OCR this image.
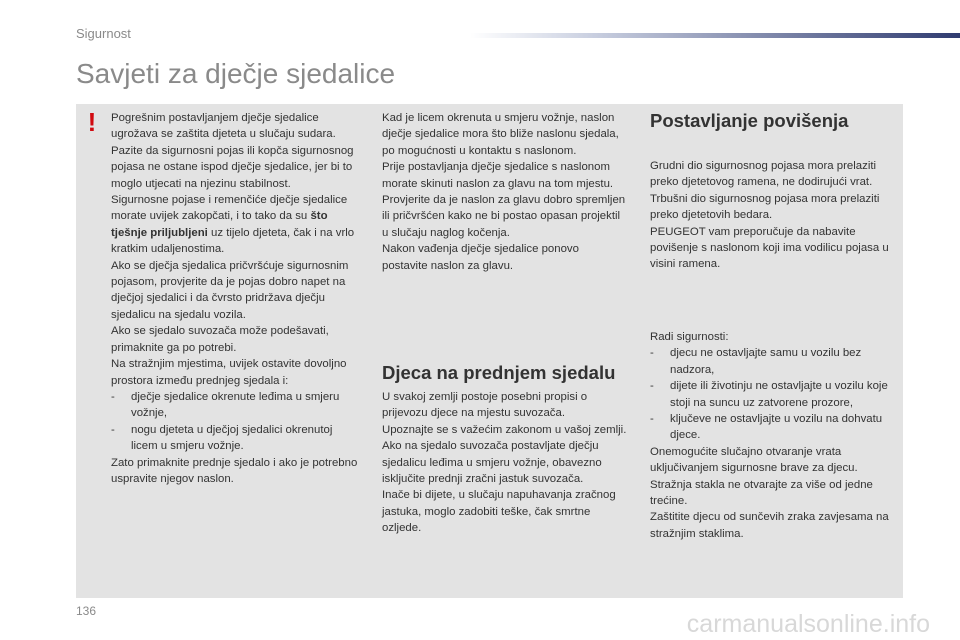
Sigurnost
Savjeti za dječje sjedalice
! Pogrešnim postavljanjem dječje sjedalice ugrožava se zaštita djeteta u slučaju sudara.

Pazite da sigurnosni pojas ili kopča sigurnosnog pojasa ne ostane ispod dječje sjedalice, jer bi to moglo utjecati na njezinu stabilnost.

Sigurnosne pojase i remenčiće dječje sjedalice morate uvijek zakopčati, i to tako da su što tješnje priljubljeni uz tijelo djeteta, čak i na vrlo kratkim udaljenostima.

Ako se dječja sjedalica pričvršćuje sigurnosnim pojasom, provjerite da je pojas dobro napet na dječjoj sjedalici i da čvrsto pridržava dječju sjedalicu na sjedalu vozila.

Ako se sjedalo suvozača može podešavati, primaknite ga po potrebi.

Na stražnjim mjestima, uvijek ostavite dovoljno prostora između prednjeg sjedala i:

- dječje sjedalice okrenute leđima u smjeru vožnje,

- nogu djeteta u dječjoj sjedalici okrenutoj licem u smjeru vožnje.

Zato primaknite prednje sjedalo i ako je potrebno uspravite njegov naslon.

Kad je licem okrenuta u smjeru vožnje, naslon dječje sjedalice mora što bliže naslonu sjedala, po mogućnosti u kontaktu s naslonom.

Prije postavljanja dječje sjedalice s naslonom morate skinuti naslon za glavu na tom mjestu.

Provjerite da je naslon za glavu dobro spremljen ili pričvršćen kako ne bi postao opasan projektil u slučaju naglog kočenja.

Nakon vađenja dječje sjedalice ponovo postavite naslon za glavu.

Djeca na prednjem sjedalu

U svakoj zemlji postoje posebni propisi o prijevozu djece na mjestu suvozača.

Upoznajte se s važećim zakonom u vašoj zemlji.

Ako na sjedalo suvozača postavljate dječju sjedalicu leđima u smjeru vožnje, obavezno isključite prednji zračni jastuk suvozača.

Inače bi dijete, u slučaju napuhavanja zračnog jastuka, moglo zadobiti teške, čak smrtne ozljede.

Postavljanje povišenja

Grudni dio sigurnosnog pojasa mora prelaziti preko djetetovog ramena, ne dodirujući vrat.

Trbušni dio sigurnosnog pojasa mora prelaziti preko djetetovih bedara.

PEUGEOT vam preporučuje da nabavite povišenje s naslonom koji ima vodilicu pojasa u visini ramena.

Radi sigurnosti:

- djecu ne ostavljajte samu u vozilu bez nadzora,

- dijete ili životinju ne ostavljajte u vozilu koje stoji na suncu uz zatvorene prozore,

- ključeve ne ostavljajte u vozilu na dohvatu djece.

Onemogućite slučajno otvaranje vrata uključivanjem sigurnosne brave za djecu.

Stražnja stakla ne otvarajte za više od jedne trećine.

Zaštitite djecu od sunčevih zraka zavjesama na stražnjim staklima.

136	carmanualsonline.info
